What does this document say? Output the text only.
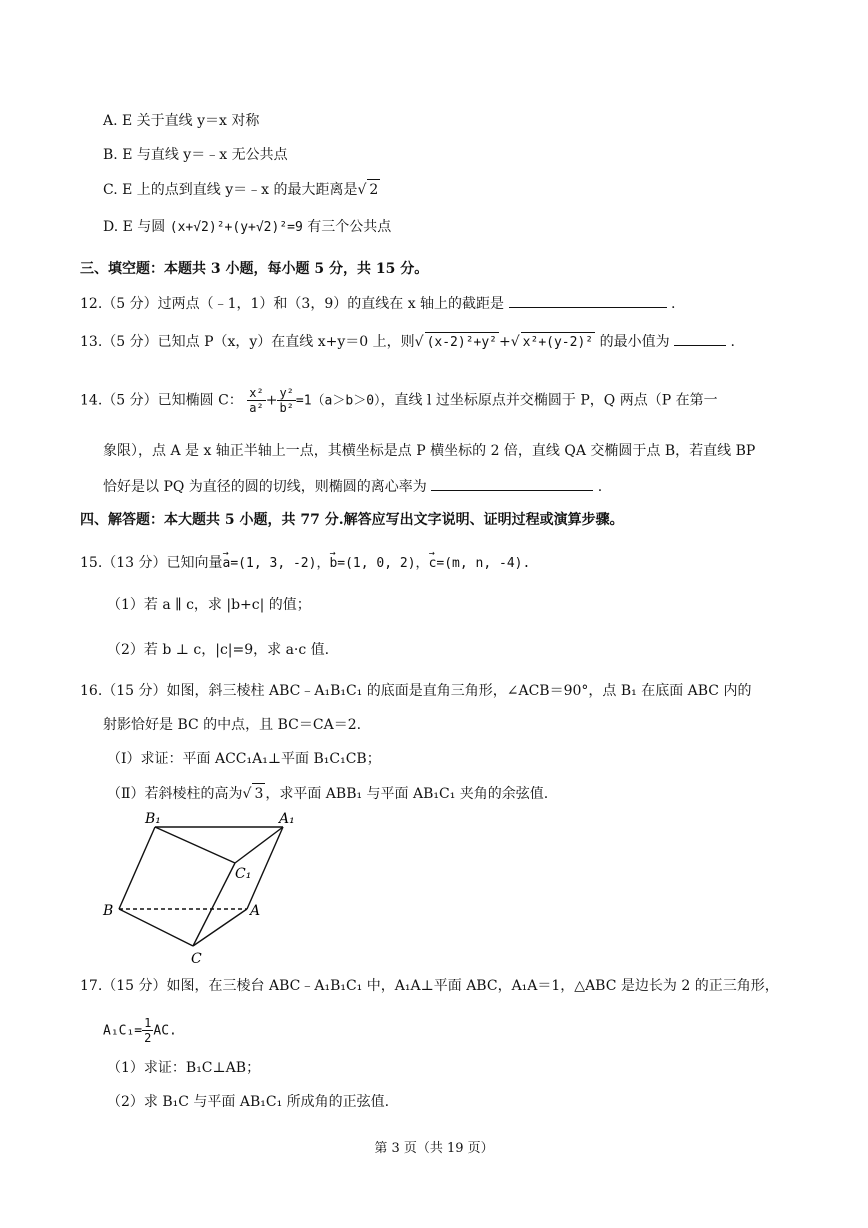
A. E 关于直线 y＝x 对称
B. E 与直线 y＝﹣x 无公共点
C. E 上的点到直线 y＝﹣x 的最大距离是√ 2
D. E 与圆 (x+√2)²+(y+√2)²=9 有三个公共点
三、填空题：本题共 3 小题，每小题 5 分，共 15 分。
12.（5 分）过两点（﹣1，1）和（3，9）的直线在 x 轴上的截距是	.
13.（5 分）已知点 P（x，y）在直线 x+y＝0 上，则√ (x-2)²+y² +√ x²+(y-2)² 的最小值为	.
14.（5 分）已知椭圆 C： $\frac{\text{x²}}{\text{a²}} + \frac{\text{y²}}{\text{b²}} =1(a>b>0)$，直线 l 过坐标原点并交椭圆于 P，Q 两点（P 在第一
象限），点 A 是 x 轴正半轴上一点，其横坐标是点 P 横坐标的 2 倍，直线 QA 交椭圆于点 B，若直线 BP
恰好是以 PQ 为直径的圆的切线，则椭圆的离心率为	.
四、解答题：本大题共 5 小题，共 77 分.解答应写出文字说明、证明过程或演算步骤。
15.（13 分）已知向量→ a=(1, 3, -2)，→ b=(1, 0, 2)，→ c=(m, n, -4).
（1）若 a ∥ c，求 |b+c| 的值；
（2）若 b ⊥ c，|c|=9，求 a·c 值.
16.（15 分）如图，斜三棱柱 ABC﹣A₁B₁C₁ 的底面是直角三角形，∠ACB＝90°，点 B₁ 在底面 ABC 内的
射影恰好是 BC 的中点，且 BC＝CA＝2.
（Ⅰ）求证：平面 ACC₁A₁⊥平面 B₁C₁CB；
（Ⅱ）若斜棱柱的高为√ 3 ，求平面 ABB₁ 与平面 AB₁C₁ 夹角的余弦值.
B₁	A₁
C₁
B	A
C
17.（15 分）如图，在三棱台 ABC﹣A₁B₁C₁ 中，A₁A⊥平面 ABC，A₁A＝1，△ABC 是边长为 2 的正三角形，
$A_1C_1= \frac{1}{2}$ AC.
（1）求证：B₁C⊥AB；
（2）求 B₁C 与平面 AB₁C₁ 所成角的正弦值.
第 3 页（共 19 页）
